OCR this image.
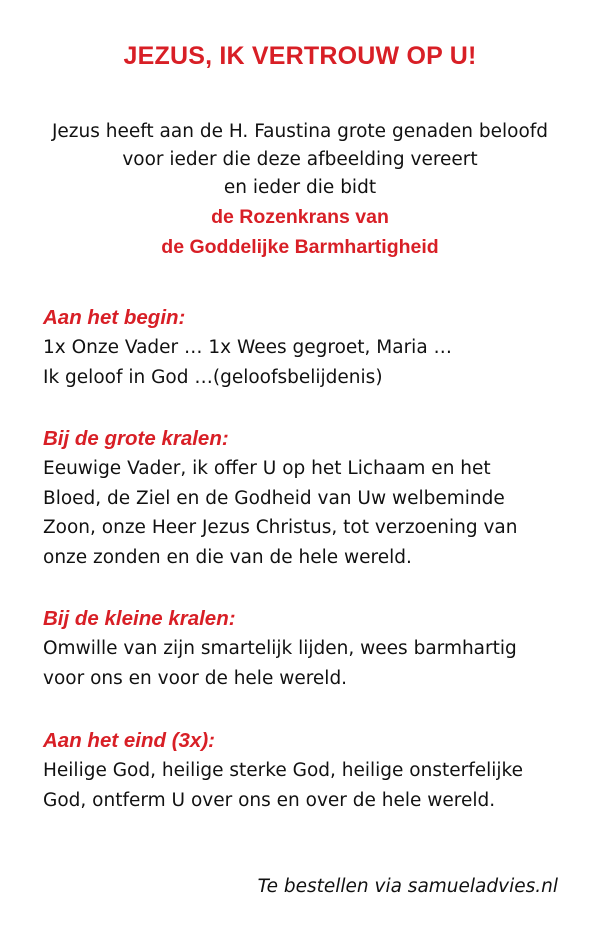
JEZUS, IK VERTROUW OP U!
Jezus heeft aan de H. Faustina grote genaden beloofd
voor ieder die deze afbeelding vereert
en ieder die bidt
de Rozenkrans van
de Goddelijke Barmhartigheid
Aan het begin:
1x Onze Vader … 1x Wees gegroet, Maria …
Ik geloof in God …(geloofsbelijdenis)
Bij de grote kralen:
Eeuwige Vader, ik offer U op het Lichaam en het
Bloed, de Ziel en de Godheid van Uw welbeminde
Zoon, onze Heer Jezus Christus, tot verzoening van
onze zonden en die van de hele wereld.
Bij de kleine kralen:
Omwille van zijn smartelijk lijden, wees barmhartig
voor ons en voor de hele wereld.
Aan het eind (3x):
Heilige God, heilige sterke God, heilige onsterfelijke
God, ontferm U over ons en over de hele wereld.
Te bestellen via samueladvies.nl
